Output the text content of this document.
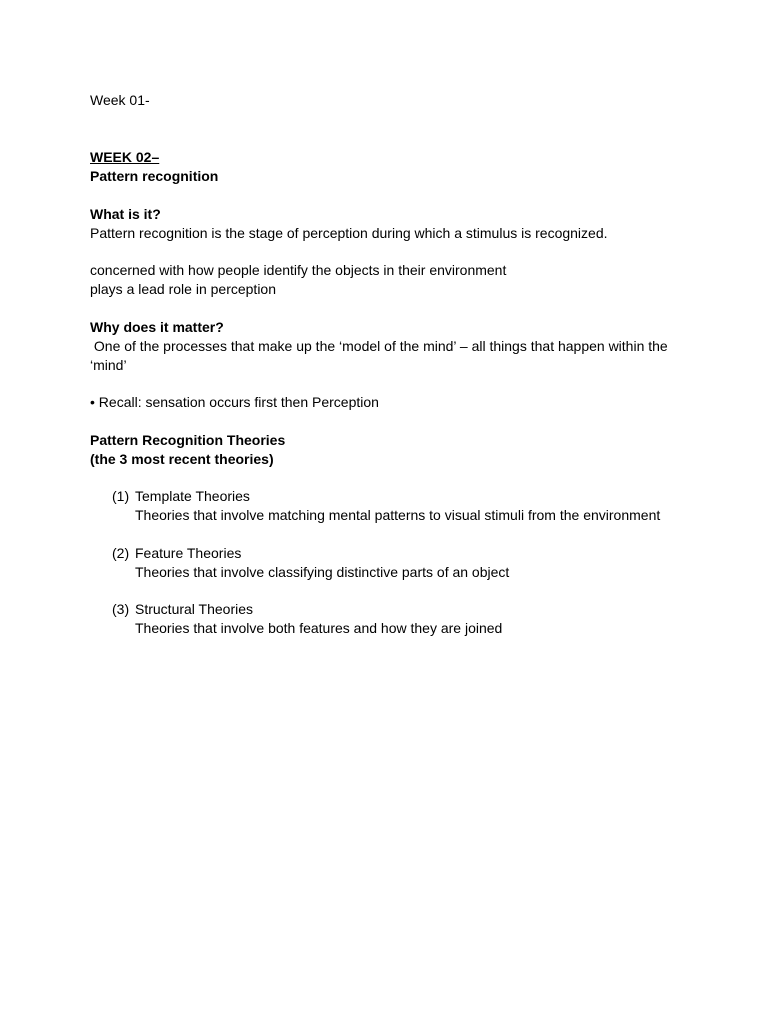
Week 01-
WEEK 02–
Pattern recognition
What is it?
Pattern recognition is the stage of perception during which a stimulus is recognized.
concerned with how people identify the objects in their environment
plays a lead role in perception
Why does it matter?
One of the processes that make up the ‘model of the mind’ – all things that happen within the
‘mind’
• Recall: sensation occurs first then Perception
Pattern Recognition Theories
(the 3 most recent theories)
(1) Template Theories
Theories that involve matching mental patterns to visual stimuli from the environment
(2) Feature Theories
Theories that involve classifying distinctive parts of an object
(3) Structural Theories
Theories that involve both features and how they are joined
